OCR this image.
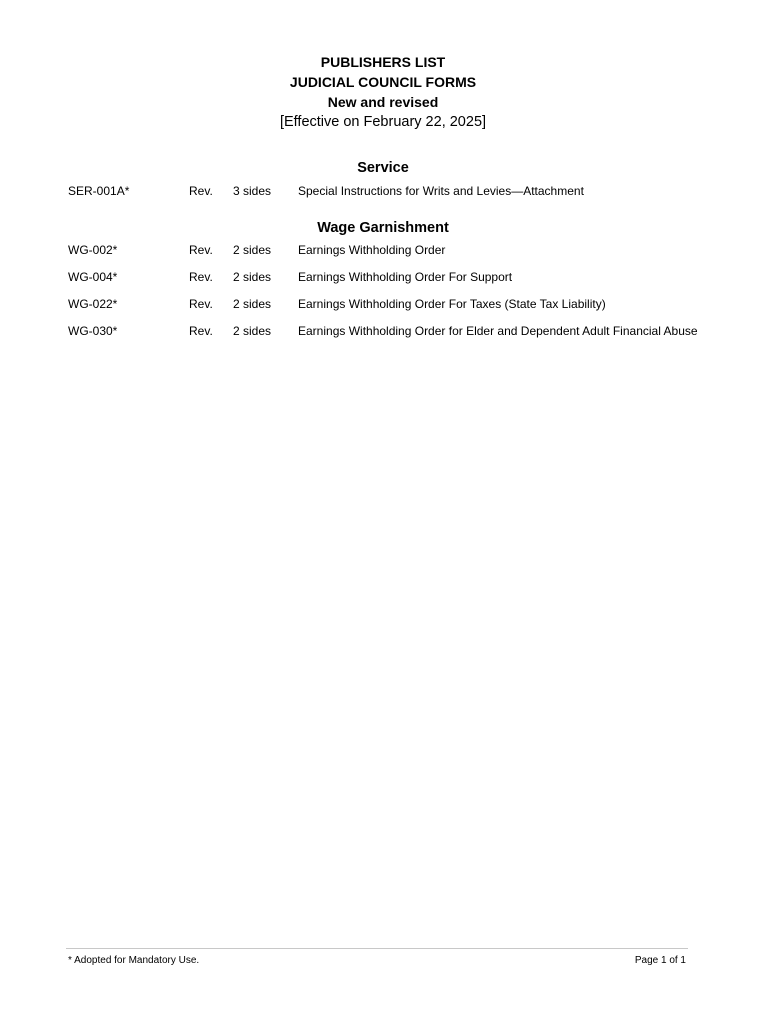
PUBLISHERS LIST
JUDICIAL COUNCIL FORMS
New and revised
[Effective on February 22, 2025]
Service
SER-001A*	Rev. 3 sides Special Instructions for Writs and Levies—Attachment
Wage Garnishment
WG-002*	Rev. 2 sides Earnings Withholding Order
WG-004*	Rev. 2 sides Earnings Withholding Order For Support
WG-022*	Rev. 2 sides Earnings Withholding Order For Taxes (State Tax Liability)
WG-030*	Rev. 2 sides Earnings Withholding Order for Elder and Dependent Adult Financial Abuse
* Adopted for Mandatory Use.	Page 1 of 1
